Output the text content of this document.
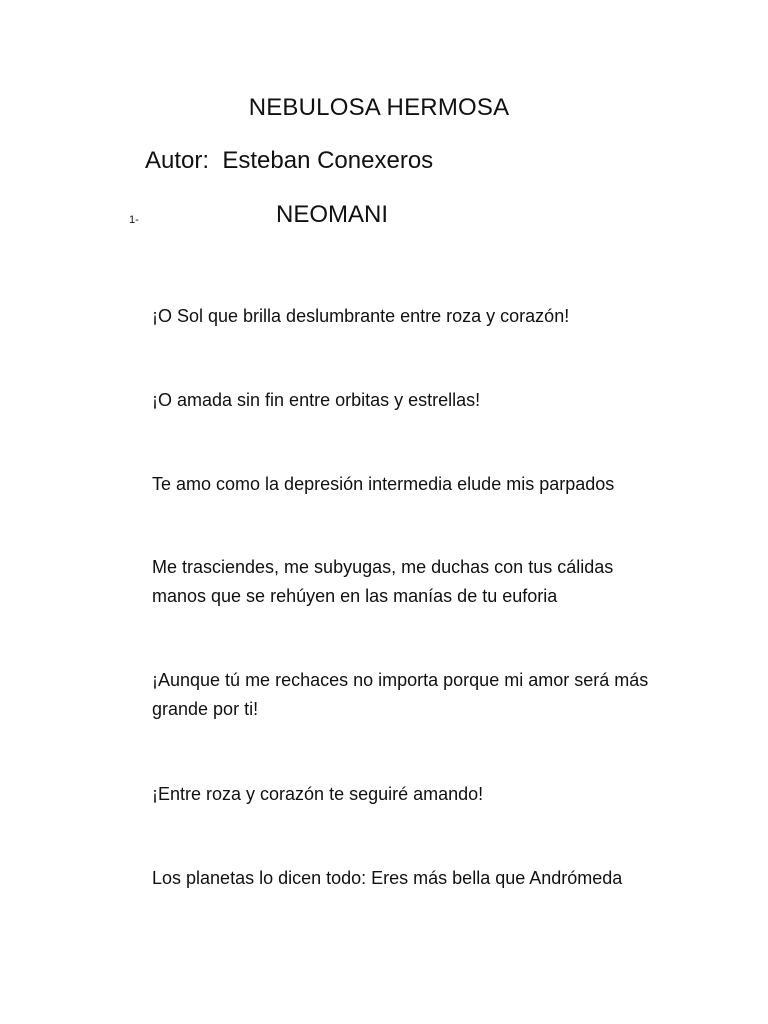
NEBULOSA HERMOSA
Autor:  Esteban Conexeros
1-	NEOMANI

¡O Sol que brilla deslumbrante entre roza y corazón!

¡O amada sin fin entre orbitas y estrellas!

Te amo como la depresión intermedia elude mis parpados

Me trasciendes, me subyugas, me duchas con tus cálidas manos que se rehúyen en las manías de tu euforia

¡Aunque tú me rechaces no importa porque mi amor será más grande por ti!

¡Entre roza y corazón te seguiré amando!

Los planetas lo dicen todo: Eres más bella que Andrómeda
